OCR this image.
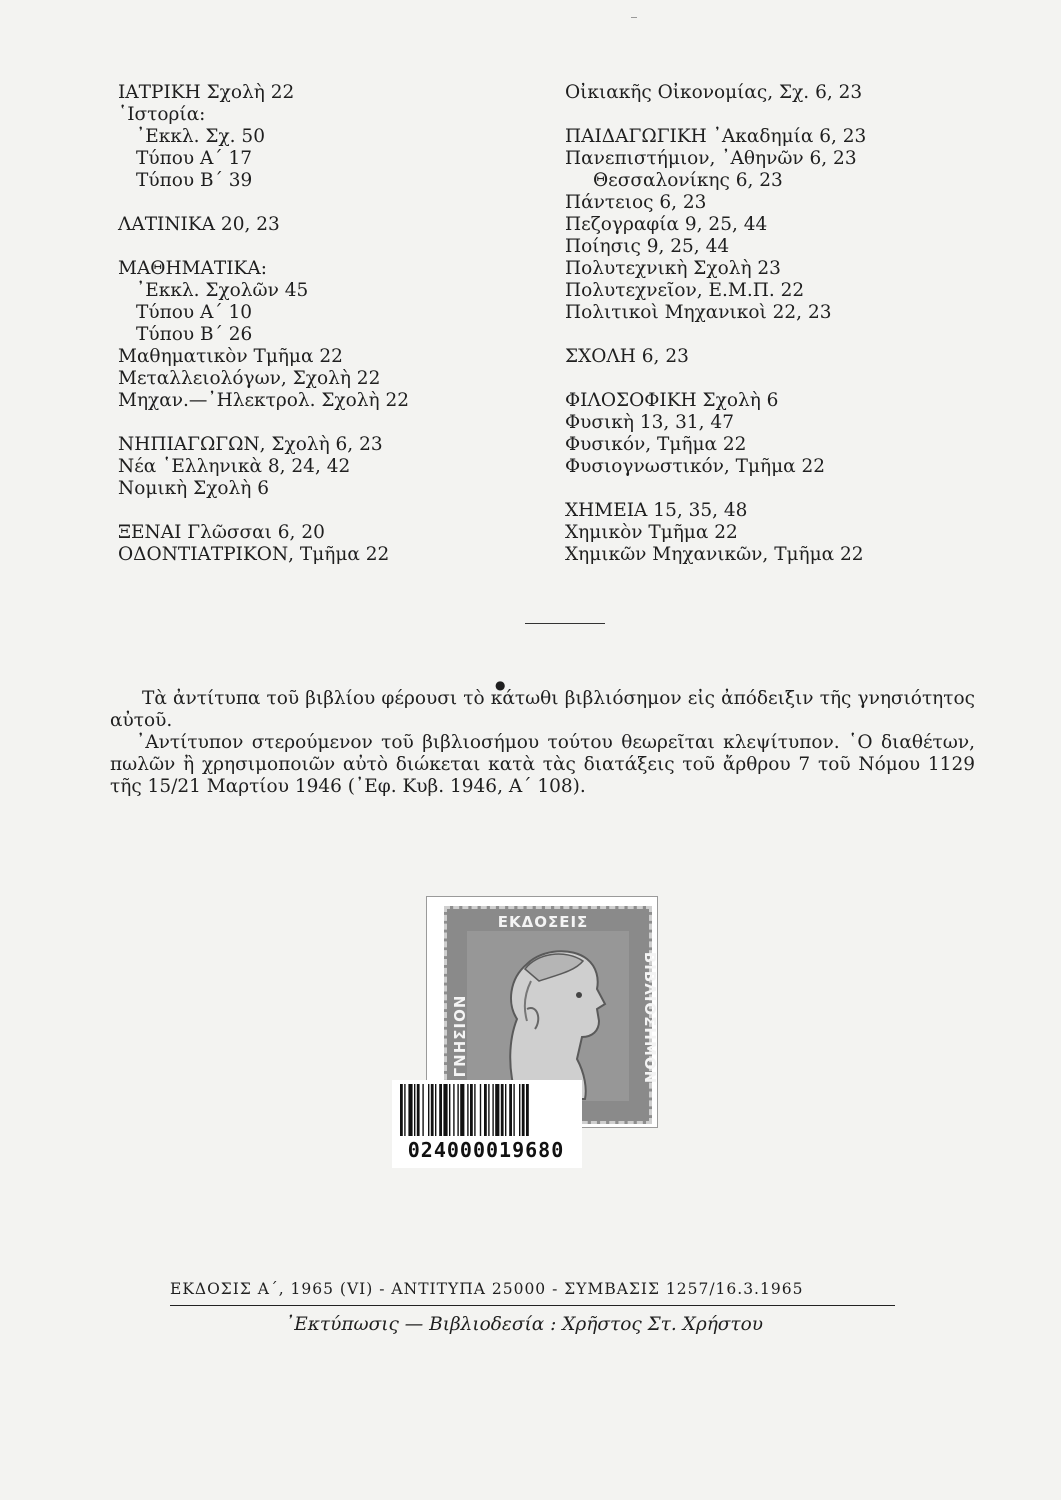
ΙΑΤΡΙΚΗ Σχολὴ 22
῾Ιστορία:
᾿Εκκλ. Σχ. 50
Τύπου Α΄ 17
Τύπου Β΄ 39
ΛΑΤΙΝΙΚΑ 20, 23
ΜΑΘΗΜΑΤΙΚΑ:
᾿Εκκλ. Σχολῶν 45
Τύπου Α΄ 10
Τύπου Β΄ 26
Μαθηματικὸν Τμῆμα 22
Μεταλλειολόγων, Σχολὴ 22
Μηχαν.—᾿Ηλεκτρολ. Σχολὴ 22
ΝΗΠΙΑΓΩΓΩΝ, Σχολὴ 6, 23
Νέα ῾Ελληνικὰ 8, 24, 42
Νομικὴ Σχολὴ 6
ΞΕΝΑΙ Γλῶσσαι 6, 20
ΟΔΟΝΤΙΑΤΡΙΚΟΝ, Τμῆμα 22
Οἰκιακῆς Οἰκονομίας, Σχ. 6, 23
ΠΑΙΔΑΓΩΓΙΚΗ ᾿Ακαδημία 6, 23
Πανεπιστήμιον, ᾿Αθηνῶν 6, 23
Θεσσαλονίκης 6, 23
Πάντειος 6, 23
Πεζογραφία 9, 25, 44
Ποίησις 9, 25, 44
Πολυτεχνικὴ Σχολὴ 23
Πολυτεχνεῖον, Ε.Μ.Π. 22
Πολιτικοὶ Μηχανικοὶ 22, 23
ΣΧΟΛΗ 6, 23
ΦΙΛΟΣΟΦΙΚΗ Σχολὴ 6
Φυσικὴ 13, 31, 47
Φυσικόν, Τμῆμα 22
Φυσιογνωστικόν, Τμῆμα 22
ΧΗΜΕΙΑ 15, 35, 48
Χημικὸν Τμῆμα 22
Χημικῶν Μηχανικῶν, Τμῆμα 22
●

Τὰ ἀντίτυπα τοῦ βιβλίου φέρουσι τὸ κάτωθι βιβλιόσημον εἰς ἀπόδειξιν τῆς γνησιότητος αὐτοῦ.

᾿Αντίτυπον στερούμενον τοῦ βιβλιοσήμου τούτου θεωρεῖται κλεψίτυπον. ῾Ο διαθέτων, πωλῶν ἢ χρησιμοποιῶν αὐτὸ διώκεται κατὰ τὰς διατάξεις τοῦ ἄρθρου 7 τοῦ Νόμου 1129 τῆς 15/21 Μαρτίου 1946 (᾿Εφ. Κυβ. 1946, Α΄ 108).

ΕΚΔΟΣΕΙΣ
ΓΝΗΣΙΟΝ	ΒΙΒΛΙΟΣΗΜΟΝ
024000019680
ΕΚΔΟΣΙΣ Α΄, 1965 (VI) - ΑΝΤΙΤΥΠΑ 25000 - ΣΥΜΒΑΣΙΣ 1257/16.3.1965
᾿Εκτύπωσις — Βιβλιοδεσία : Χρῆστος Στ. Χρήστου
